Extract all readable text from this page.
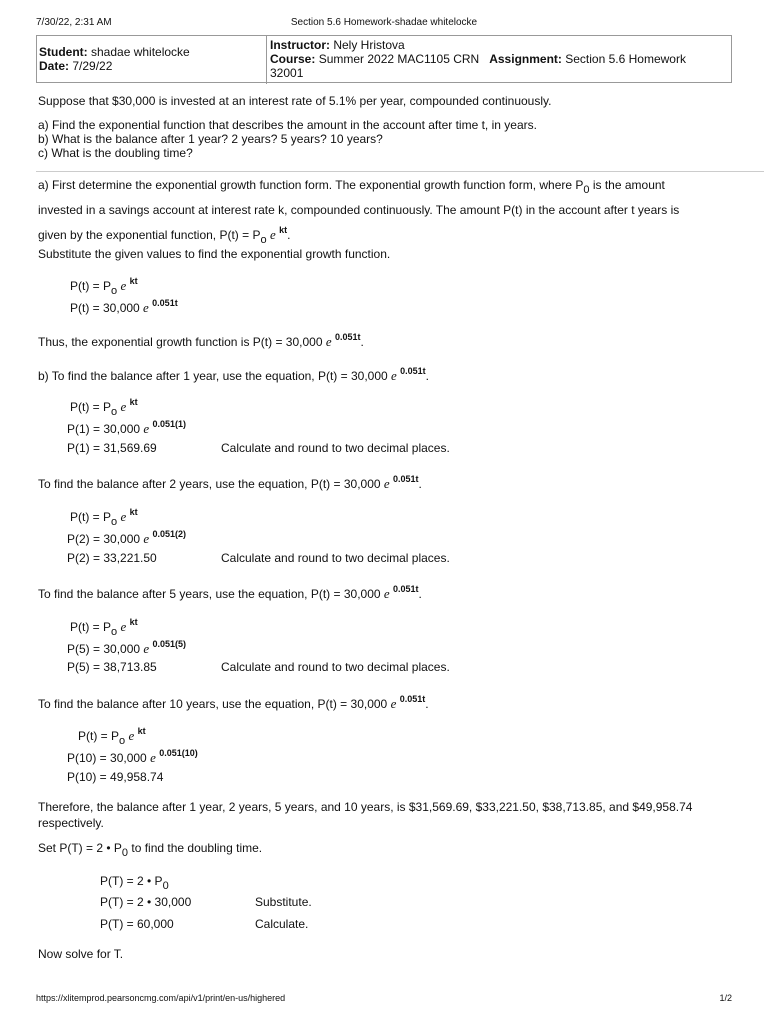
7/30/22, 2:31 AM	Section 5.6 Homework-shadae whitelocke
Student: shadae whitelocke
Date: 7/29/22
Instructor: Nely Hristova
Course: Summer 2022 MAC1105 CRN Assignment: Section 5.6 Homework
32001
Suppose that $30,000 is invested at an interest rate of 5.1% per year, compounded continuously.
a) Find the exponential function that describes the amount in the account after time t, in years.
b) What is the balance after 1 year? 2 years? 5 years? 10 years?
c) What is the doubling time?
a) First determine the exponential growth function form. The exponential growth function form, where $P_0$ is the amount
invested in a savings account at interest rate k, compounded continuously. The amount P(t) in the account after t years is
given by the exponential function, $P(t) = P_o$ e $^{kt}$.
Substitute the given values to find the exponential growth function.
$P(t) = P_o$ e $^{kt}$
P(t) = 30,000 e $^{0.051t}$
Thus, the exponential growth function is P(t) = 30,000 e $^{0.051t}$.
b) To find the balance after 1 year, use the equation, P(t) = 30,000 e $^{0.051t}$.
$P(t) = P_o$ e $^{kt}$
P(1) = 30,000 e $^{0.051(1)}$
P(1) = 31,569.69	Calculate and round to two decimal places.
To find the balance after 2 years, use the equation, P(t) = 30,000 e $^{0.051t}$.
$P(t) = P_o$ e $^{kt}$
P(2) = 30,000 e $^{0.051(2)}$
P(2) = 33,221.50	Calculate and round to two decimal places.
To find the balance after 5 years, use the equation, P(t) = 30,000 e $^{0.051t}$.
$P(t) = P_o$ e $^{kt}$
P(5) = 30,000 e $^{0.051(5)}$
P(5) = 38,713.85	Calculate and round to two decimal places.
To find the balance after 10 years, use the equation, P(t) = 30,000 e $^{0.051t}$.
$P(t) = P_o$ e $^{kt}$
P(10) = 30,000 e $^{0.051(10)}$
P(10) = 49,958.74
Therefore, the balance after 1 year, 2 years, 5 years, and 10 years, is $31,569.69, $33,221.50, $38,713.85, and $49,958.74 respectively.
Set P(T) = 2 • $P_0$ to find the doubling time.
P(T) = 2 • $P_0$
P(T) = 2 • 30,000	Substitute.
P(T) = 60,000	Calculate.
Now solve for T.
https://xlitemprod.pearsoncmg.com/api/v1/print/en-us/highered	1/2
